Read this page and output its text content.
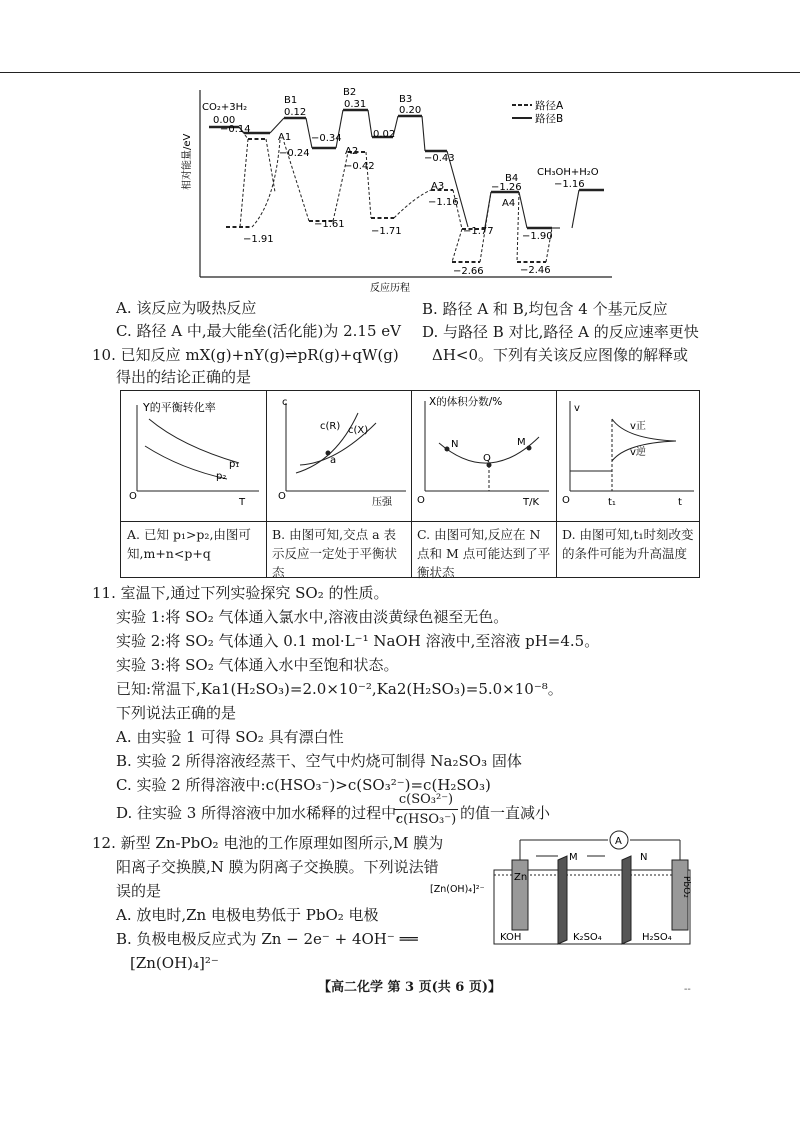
相对能量/eV
反应历程
路径A
路径B
CO₂+3H₂
B1
B2
B3
A1
A2
A3
B4
A4
CH₃OH+H₂O
0.00
−0.14
0.12
−0.34
0.31
0.02
0.20
−0.43
−0.24
−0.42
−1.16
−1.26	−1.16
−1.91
−1.61
−1.71	−1.77
−2.66
−1.90
−2.46
A. 该反应为吸热反应	B. 路径 A 和 B,均包含 4 个基元反应
C. 路径 A 中,最大能垒(活化能)为 2.15 eV D. 与路径 B 对比,路径 A 的反应速率更快
10. 已知反应 mX(g)+nY(g)⇌pR(g)+qW(g) ΔH<0。下列有关该反应图像的解释或
得出的结论正确的是
Y的平衡转化率
p₁
p₂
O
T
c
c(R) c(X)
a
O
压强
X的体积分数/%
N
Q
M
O	T/K
v
v正
v逆
O	t₁	t
A. 已知 p₁>p₂,由图可知,m+n<p+q
B. 由图可知,交点 a 表示反应一定处于平衡状态
C. 由图可知,反应在 N 点和 M 点可能达到了平衡状态
D. 由图可知,t₁时刻改变的条件可能为升高温度
11. 室温下,通过下列实验探究 SO₂ 的性质。
实验 1:将 SO₂ 气体通入氯水中,溶液由淡黄绿色褪至无色。
实验 2:将 SO₂ 气体通入 0.1 mol·L⁻¹ NaOH 溶液中,至溶液 pH=4.5。
实验 3:将 SO₂ 气体通入水中至饱和状态。
已知:常温下,Ka1(H₂SO₃)=2.0×10⁻²,Ka2(H₂SO₃)=5.0×10⁻⁸。
下列说法正确的是
A. 由实验 1 可得 SO₂ 具有漂白性
B. 实验 2 所得溶液经蒸干、空气中灼烧可制得 Na₂SO₃ 固体
C. 实验 2 所得溶液中:c(HSO₃⁻)>c(SO₃²⁻)=c(H₂SO₃)
D. 往实验 3 所得溶液中加水稀释的过程中,
c(SO₃²⁻)
c(HSO₃⁻) 的值一直减小
12. 新型 Zn-PbO₂ 电池的工作原理如图所示,M 膜为
阳离子交换膜,N 膜为阴离子交换膜。下列说法错
误的是
A. 放电时,Zn 电极电势低于 PbO₂ 电极
B. 负极电极反应式为 Zn − 2e⁻ + 4OH⁻ ══
[Zn(OH)₄]²⁻
A
M	N
Zn	PbO₂
[Zn(OH)₄]²⁻
KOH	K₂SO₄	H₂SO₄
【高二化学 第 3 页(共 6 页)】	--
